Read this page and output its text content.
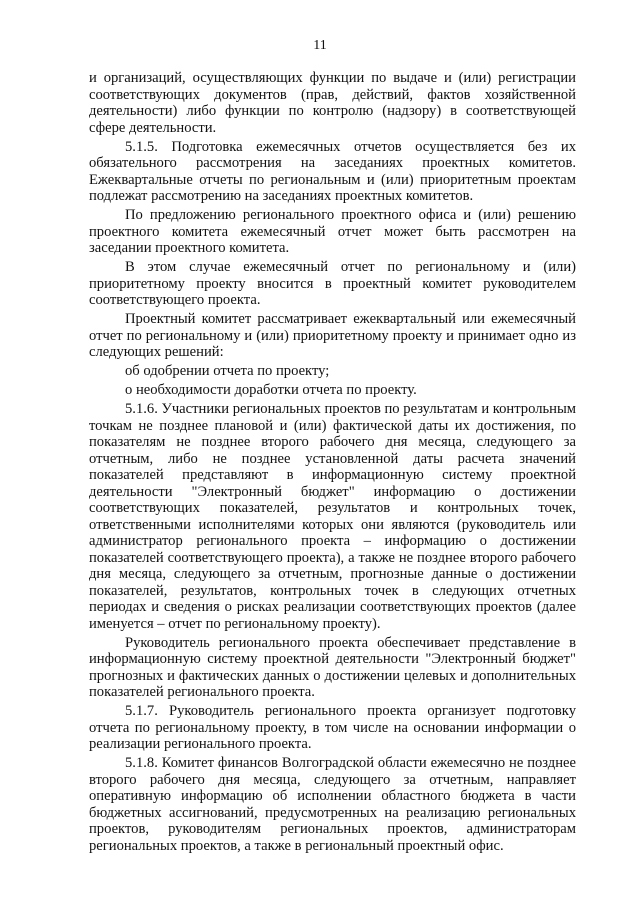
11

и организаций, осуществляющих функции по выдаче и (или) регистрации соответствующих документов (прав, действий, фактов хозяйственной деятельности) либо функции по контролю (надзору) в соответствующей сфере деятельности.

5.1.5. Подготовка ежемесячных отчетов осуществляется без их обязательного рассмотрения на заседаниях проектных комитетов. Ежеквартальные отчеты по региональным и (или) приоритетным проектам подлежат рассмотрению на заседаниях проектных комитетов.

По предложению регионального проектного офиса и (или) решению проектного комитета ежемесячный отчет может быть рассмотрен на заседании проектного комитета.

В этом случае ежемесячный отчет по региональному и (или) приоритетному проекту вносится в проектный комитет руководителем соответствующего проекта.

Проектный комитет рассматривает ежеквартальный или ежемесячный отчет по региональному и (или) приоритетному проекту и принимает одно из следующих решений:

об одобрении отчета по проекту;

о необходимости доработки отчета по проекту.

5.1.6. Участники региональных проектов по результатам и контрольным точкам не позднее плановой и (или) фактической даты их достижения, по показателям не позднее второго рабочего дня месяца, следующего за отчетным, либо не позднее установленной даты расчета значений показателей представляют в информационную систему проектной деятельности "Электронный бюджет" информацию о достижении соответствующих показателей, результатов и контрольных точек, ответственными исполнителями которых они являются (руководитель или администратор регионального проекта – информацию о достижении показателей соответствующего проекта), а также не позднее второго рабочего дня месяца, следующего за отчетным, прогнозные данные о достижении показателей, результатов, контрольных точек в следующих отчетных периодах и сведения о рисках реализации соответствующих проектов (далее именуется – отчет по региональному проекту).

Руководитель регионального проекта обеспечивает представление в информационную систему проектной деятельности "Электронный бюджет" прогнозных и фактических данных о достижении целевых и дополнительных показателей регионального проекта.

5.1.7. Руководитель регионального проекта организует подготовку отчета по региональному проекту, в том числе на основании информации о реализации регионального проекта.

5.1.8. Комитет финансов Волгоградской области ежемесячно не позднее второго рабочего дня месяца, следующего за отчетным, направляет оперативную информацию об исполнении областного бюджета в части бюджетных ассигнований, предусмотренных на реализацию региональных проектов, руководителям региональных проектов, администраторам региональных проектов, а также в региональный проектный офис.
